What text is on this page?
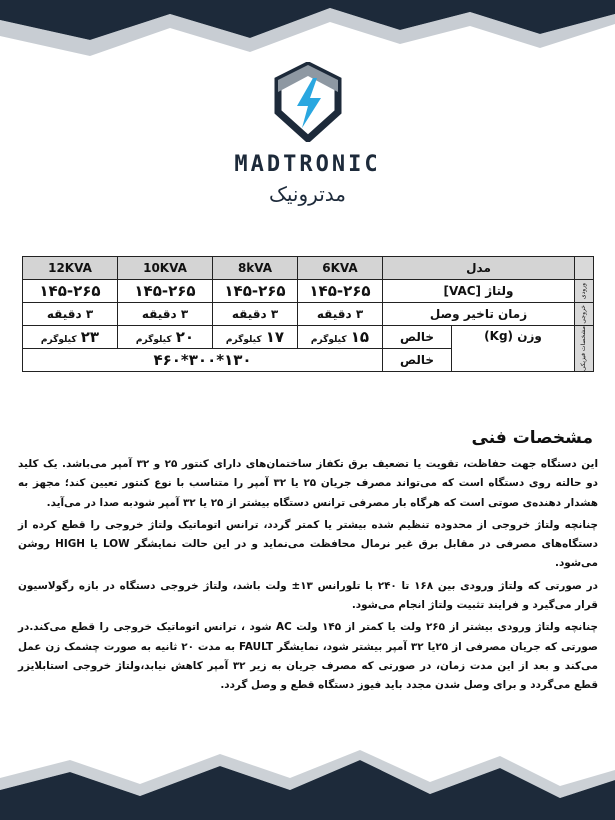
MADTRONIC
مدترونیک
12KVA	10KVA	8kVA	6KVA	مدل		
۱۴۵-۲۶۵	۱۴۵-۲۶۵	۱۴۵-۲۶۵	۱۴۵-۲۶۵	ولتاژ [VAC]		ورودی

۳ دقیقه	۳ دقیقه	۳ دقیقه	۳ دقیقه	زمان تاخیر وصل		خروجی

۲۳ کیلوگرم	۲۰ کیلوگرم	۱۷ کیلوگرم	۱۵ کیلوگرم	خالص	وزن (Kg)	مشخصات فیزیکی

۴۶۰*۳۰۰*۱۳۰				خالص		
مشخصات فنی

این دستگاه جهت حفاظت، تقویت یا تضعیف برق تکفاز ساختمان‌های دارای کنتور ۲۵ و ۳۲ آمپر می‌باشد. یک کلید دو حالته روی دستگاه است که می‌تواند مصرف جریان ۲۵ یا ۳۲ آمپر را متناسب با نوع کنتور تعیین کند؛ مجهز به هشدار دهنده‌ی صوتی است که هرگاه بار مصرفی ترانس دستگاه بیشتر از ۲۵ یا ۳۲ آمپر شودبه صدا در می‌آید.

چنانچه ولتاژ خروجی از محدوده تنظیم شده بیشتر یا کمتر گردد، ترانس اتوماتیک ولتاژ خروجی را قطع کرده از دستگاه‌های مصرفی در مقابل برق غیر نرمال محافظت می‌نماید و در این حالت نمایشگر LOW یا HIGH روشن می‌شود.

در صورتی که ولتاژ ورودی بین ۱۶۸ تا ۲۴۰ با تلورانس ۱۳± ولت باشد، ولتاژ خروجی دستگاه در بازه رگولاسیون قرار می‌گیرد و فرایند تثبیت ولتاژ انجام می‌شود.

چنانچه ولتاژ ورودی بیشتر از ۲۶۵ ولت یا کمتر از ۱۴۵ ولت AC شود ، ترانس اتوماتیک خروجی را قطع می‌کند.در صورتی که جریان مصرفی از ۲۵یا ۳۲ آمپر بیشتر شود، نمایشگر FAULT به مدت ۲۰ ثانیه به صورت چشمک زن عمل می‌کند و بعد از این مدت زمان، در صورتی که مصرف جریان به زیر ۳۲ آمپر کاهش نیابد،ولتاژ خروجی استابلایزر قطع می‌گردد و برای وصل شدن مجدد باید فیوز دستگاه قطع و وصل گردد.
